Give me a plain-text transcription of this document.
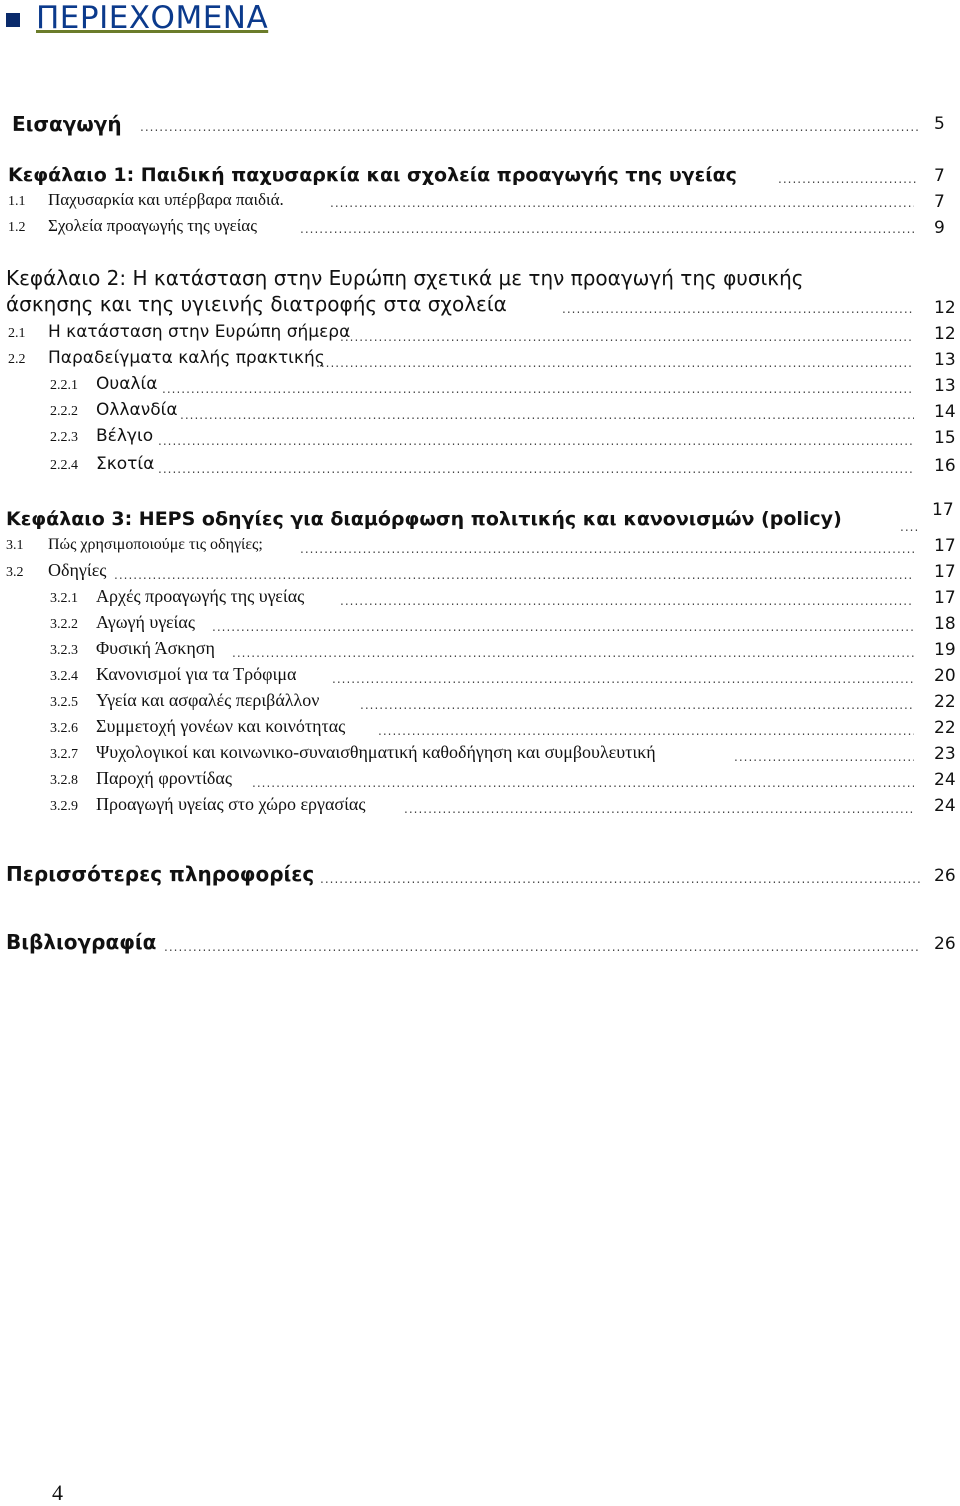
ΠΕΡΙΕΧΟΜΕΝΑ
Εισαγωγή .....	5
Κεφάλαιο 1: Παιδική παχυσαρκία και σχολεία προαγωγής της υγείας .....	7
1.1	Παχυσαρκία και υπέρβαρα παιδιά. .....	7
1.2	Σχολεία προαγωγής της υγείας .....	9
Κεφάλαιο 2: Η κατάσταση στην Ευρώπη σχετικά με την προαγωγή της φυσικής
άσκησης και της υγιεινής διατροφής στα σχολεία .....	12
2.1	Η κατάσταση στην Ευρώπη σήμερα .....	12
2.2	Παραδείγματα καλής πρακτικής .....	13
2.2.1	Ουαλία .....	13
2.2.2	Ολλανδία .....	14
2.2.3	Βέλγιο .....	15
2.2.4	Σκοτία .....	16
Κεφάλαιο 3: HEPS οδηγίες για διαμόρφωση πολιτικής και κανονισμών (policy)
.....	17
3.1	Πώς χρησιμοποιούμε τις οδηγίες; .....	17
3.2	Οδηγίες .....	17
3.2.1	Αρχές προαγωγής της υγείας .....	17
3.2.2	Αγωγή υγείας .....	18
3.2.3	Φυσική Άσκηση .....	19
3.2.4	Κανονισμοί για τα Τρόφιμα .....	20
3.2.5	Υγεία και ασφαλές περιβάλλον .....	22
3.2.6	Συμμετοχή γονέων και κοινότητας .....	22
3.2.7	Ψυχολογικοί και κοινωνικο-συναισθηματική καθοδήγηση και συμβουλευτική .....	23
3.2.8	Παροχή φροντίδας .....	24
3.2.9	Προαγωγή υγείας στο χώρο εργασίας .....	24
Περισσότερες πληροφορίες .....	26
Βιβλιογραφία .....	26
4
